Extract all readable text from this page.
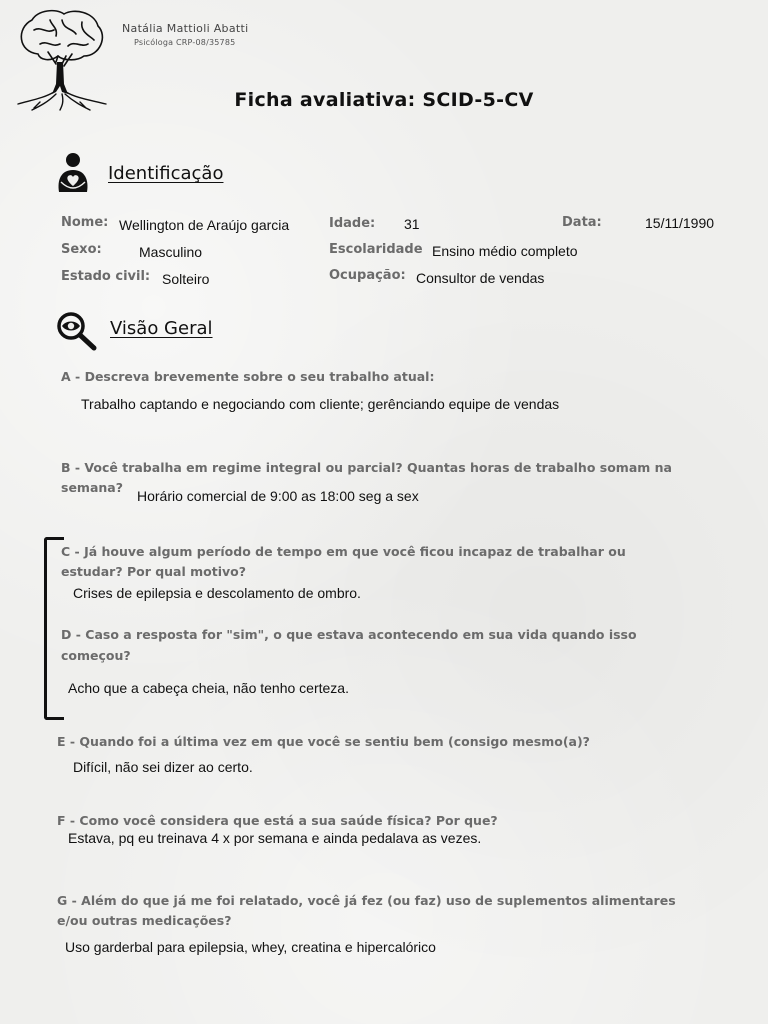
Natália Mattioli Abatti
Psicóloga CRP-08/35785
Ficha avaliativa: SCID-5-CV
Identificação
Nome: Wellington de Araújo garcia	Idade: 31	Data:	15/11/1990
Sexo:	Masculino	Escolaridade Ensino médio completo
Estado civil: Solteiro	Ocupação: Consultor de vendas
Visão Geral
A - Descreva brevemente sobre o seu trabalho atual:
Trabalho captando e negociando com cliente; gerênciando equipe de vendas
B - Você trabalha em regime integral ou parcial? Quantas horas de trabalho somam na
semana?
Horário comercial de 9:00 as 18:00 seg a sex
C - Já houve algum período de tempo em que você ficou incapaz de trabalhar ou
estudar? Por qual motivo?
Crises de epilepsia e descolamento de ombro.
D - Caso a resposta for "sim", o que estava acontecendo em sua vida quando isso
começou?
Acho que a cabeça cheia, não tenho certeza.
E - Quando foi a última vez em que você se sentiu bem (consigo mesmo(a)?
Difícil, não sei dizer ao certo.
F - Como você considera que está a sua saúde física? Por que?
Estava, pq eu treinava 4 x por semana e ainda pedalava as vezes.
G - Além do que já me foi relatado, você já fez (ou faz) uso de suplementos alimentares
e/ou outras medicações?
Uso garderbal para epilepsia, whey, creatina e hipercalórico
